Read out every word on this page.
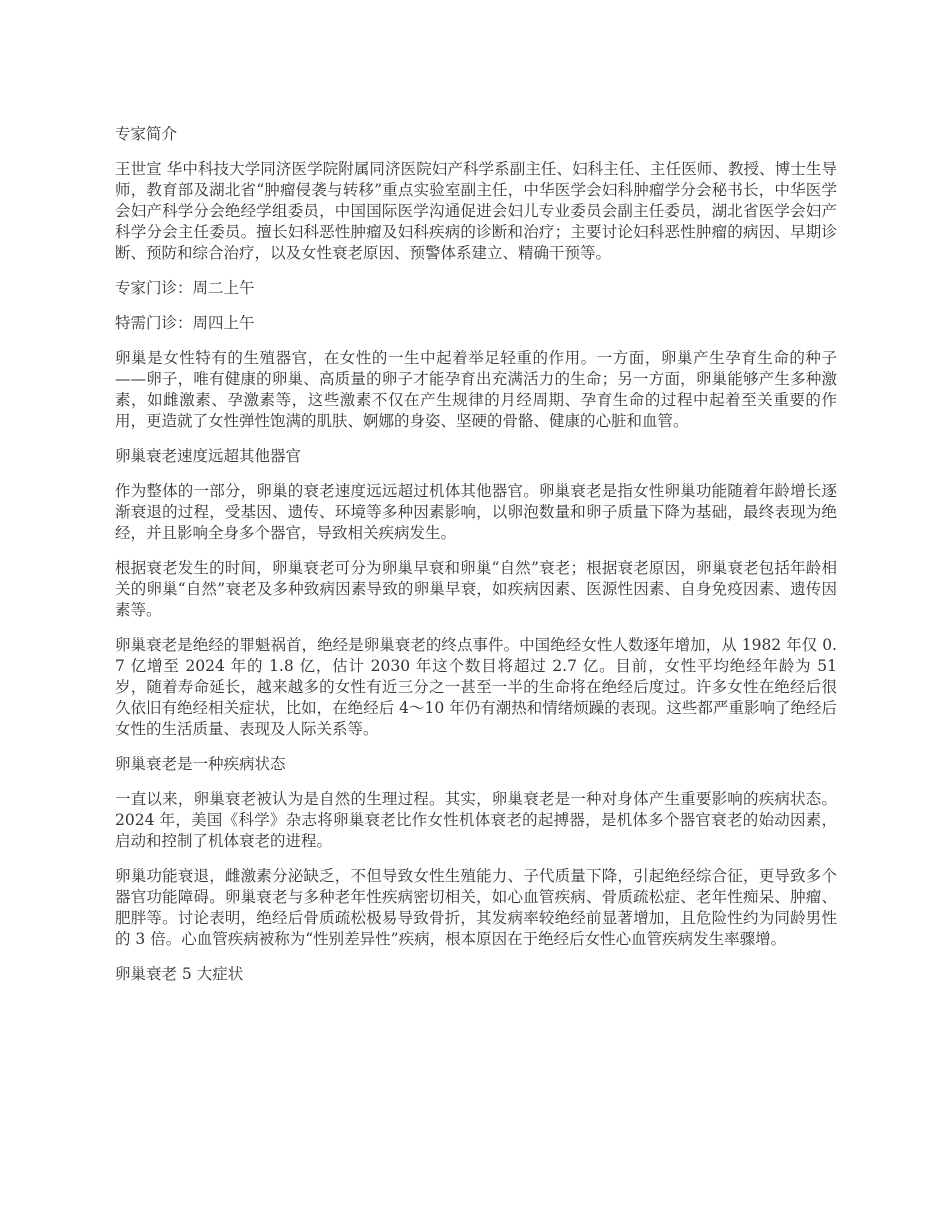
专家简介

王世宣 华中科技大学同济医学院附属同济医院妇产科学系副主任、妇科主任、主任医师、教授、博士生导师，教育部及湖北省“肿瘤侵袭与转移”重点实验室副主任，中华医学会妇科肿瘤学分会秘书长，中华医学会妇产科学分会绝经学组委员，中国国际医学沟通促进会妇儿专业委员会副主任委员，湖北省医学会妇产科学分会主任委员。擅长妇科恶性肿瘤及妇科疾病的诊断和治疗；主要讨论妇科恶性肿瘤的病因、早期诊断、预防和综合治疗，以及女性衰老原因、预警体系建立、精确干预等。

专家门诊：周二上午

特需门诊：周四上午

卵巢是女性特有的生殖器官，在女性的一生中起着举足轻重的作用。一方面，卵巢产生孕育生命的种子——卵子，唯有健康的卵巢、高质量的卵子才能孕育出充满活力的生命；另一方面，卵巢能够产生多种激素，如雌激素、孕激素等，这些激素不仅在产生规律的月经周期、孕育生命的过程中起着至关重要的作用，更造就了女性弹性饱满的肌肤、婀娜的身姿、坚硬的骨骼、健康的心脏和血管。

卵巢衰老速度远超其他器官

作为整体的一部分，卵巢的衰老速度远远超过机体其他器官。卵巢衰老是指女性卵巢功能随着年龄增长逐渐衰退的过程，受基因、遗传、环境等多种因素影响，以卵泡数量和卵子质量下降为基础，最终表现为绝经，并且影响全身多个器官，导致相关疾病发生。

根据衰老发生的时间，卵巢衰老可分为卵巢早衰和卵巢“自然”衰老；根据衰老原因，卵巢衰老包括年龄相关的卵巢“自然”衰老及多种致病因素导致的卵巢早衰，如疾病因素、医源性因素、自身免疫因素、遗传因素等。

卵巢衰老是绝经的罪魁祸首，绝经是卵巢衰老的终点事件。中国绝经女性人数逐年增加，从 1982 年仅 0.7 亿增至 2024 年的 1.8 亿，估计 2030 年这个数目将超过 2.7 亿。目前，女性平均绝经年龄为 51 岁，随着寿命延长，越来越多的女性有近三分之一甚至一半的生命将在绝经后度过。许多女性在绝经后很久依旧有绝经相关症状，比如，在绝经后 4～10 年仍有潮热和情绪烦躁的表现。这些都严重影响了绝经后女性的生活质量、表现及人际关系等。

卵巢衰老是一种疾病状态

一直以来，卵巢衰老被认为是自然的生理过程。其实，卵巢衰老是一种对身体产生重要影响的疾病状态。2024 年，美国《科学》杂志将卵巢衰老比作女性机体衰老的起搏器，是机体多个器官衰老的始动因素，启动和控制了机体衰老的进程。

卵巢功能衰退，雌激素分泌缺乏，不但导致女性生殖能力、子代质量下降，引起绝经综合征，更导致多个器官功能障碍。卵巢衰老与多种老年性疾病密切相关，如心血管疾病、骨质疏松症、老年性痴呆、肿瘤、肥胖等。讨论表明，绝经后骨质疏松极易导致骨折，其发病率较绝经前显著增加，且危险性约为同龄男性的 3 倍。心血管疾病被称为“性别差异性”疾病，根本原因在于绝经后女性心血管疾病发生率骤增。

卵巢衰老 5 大症状
